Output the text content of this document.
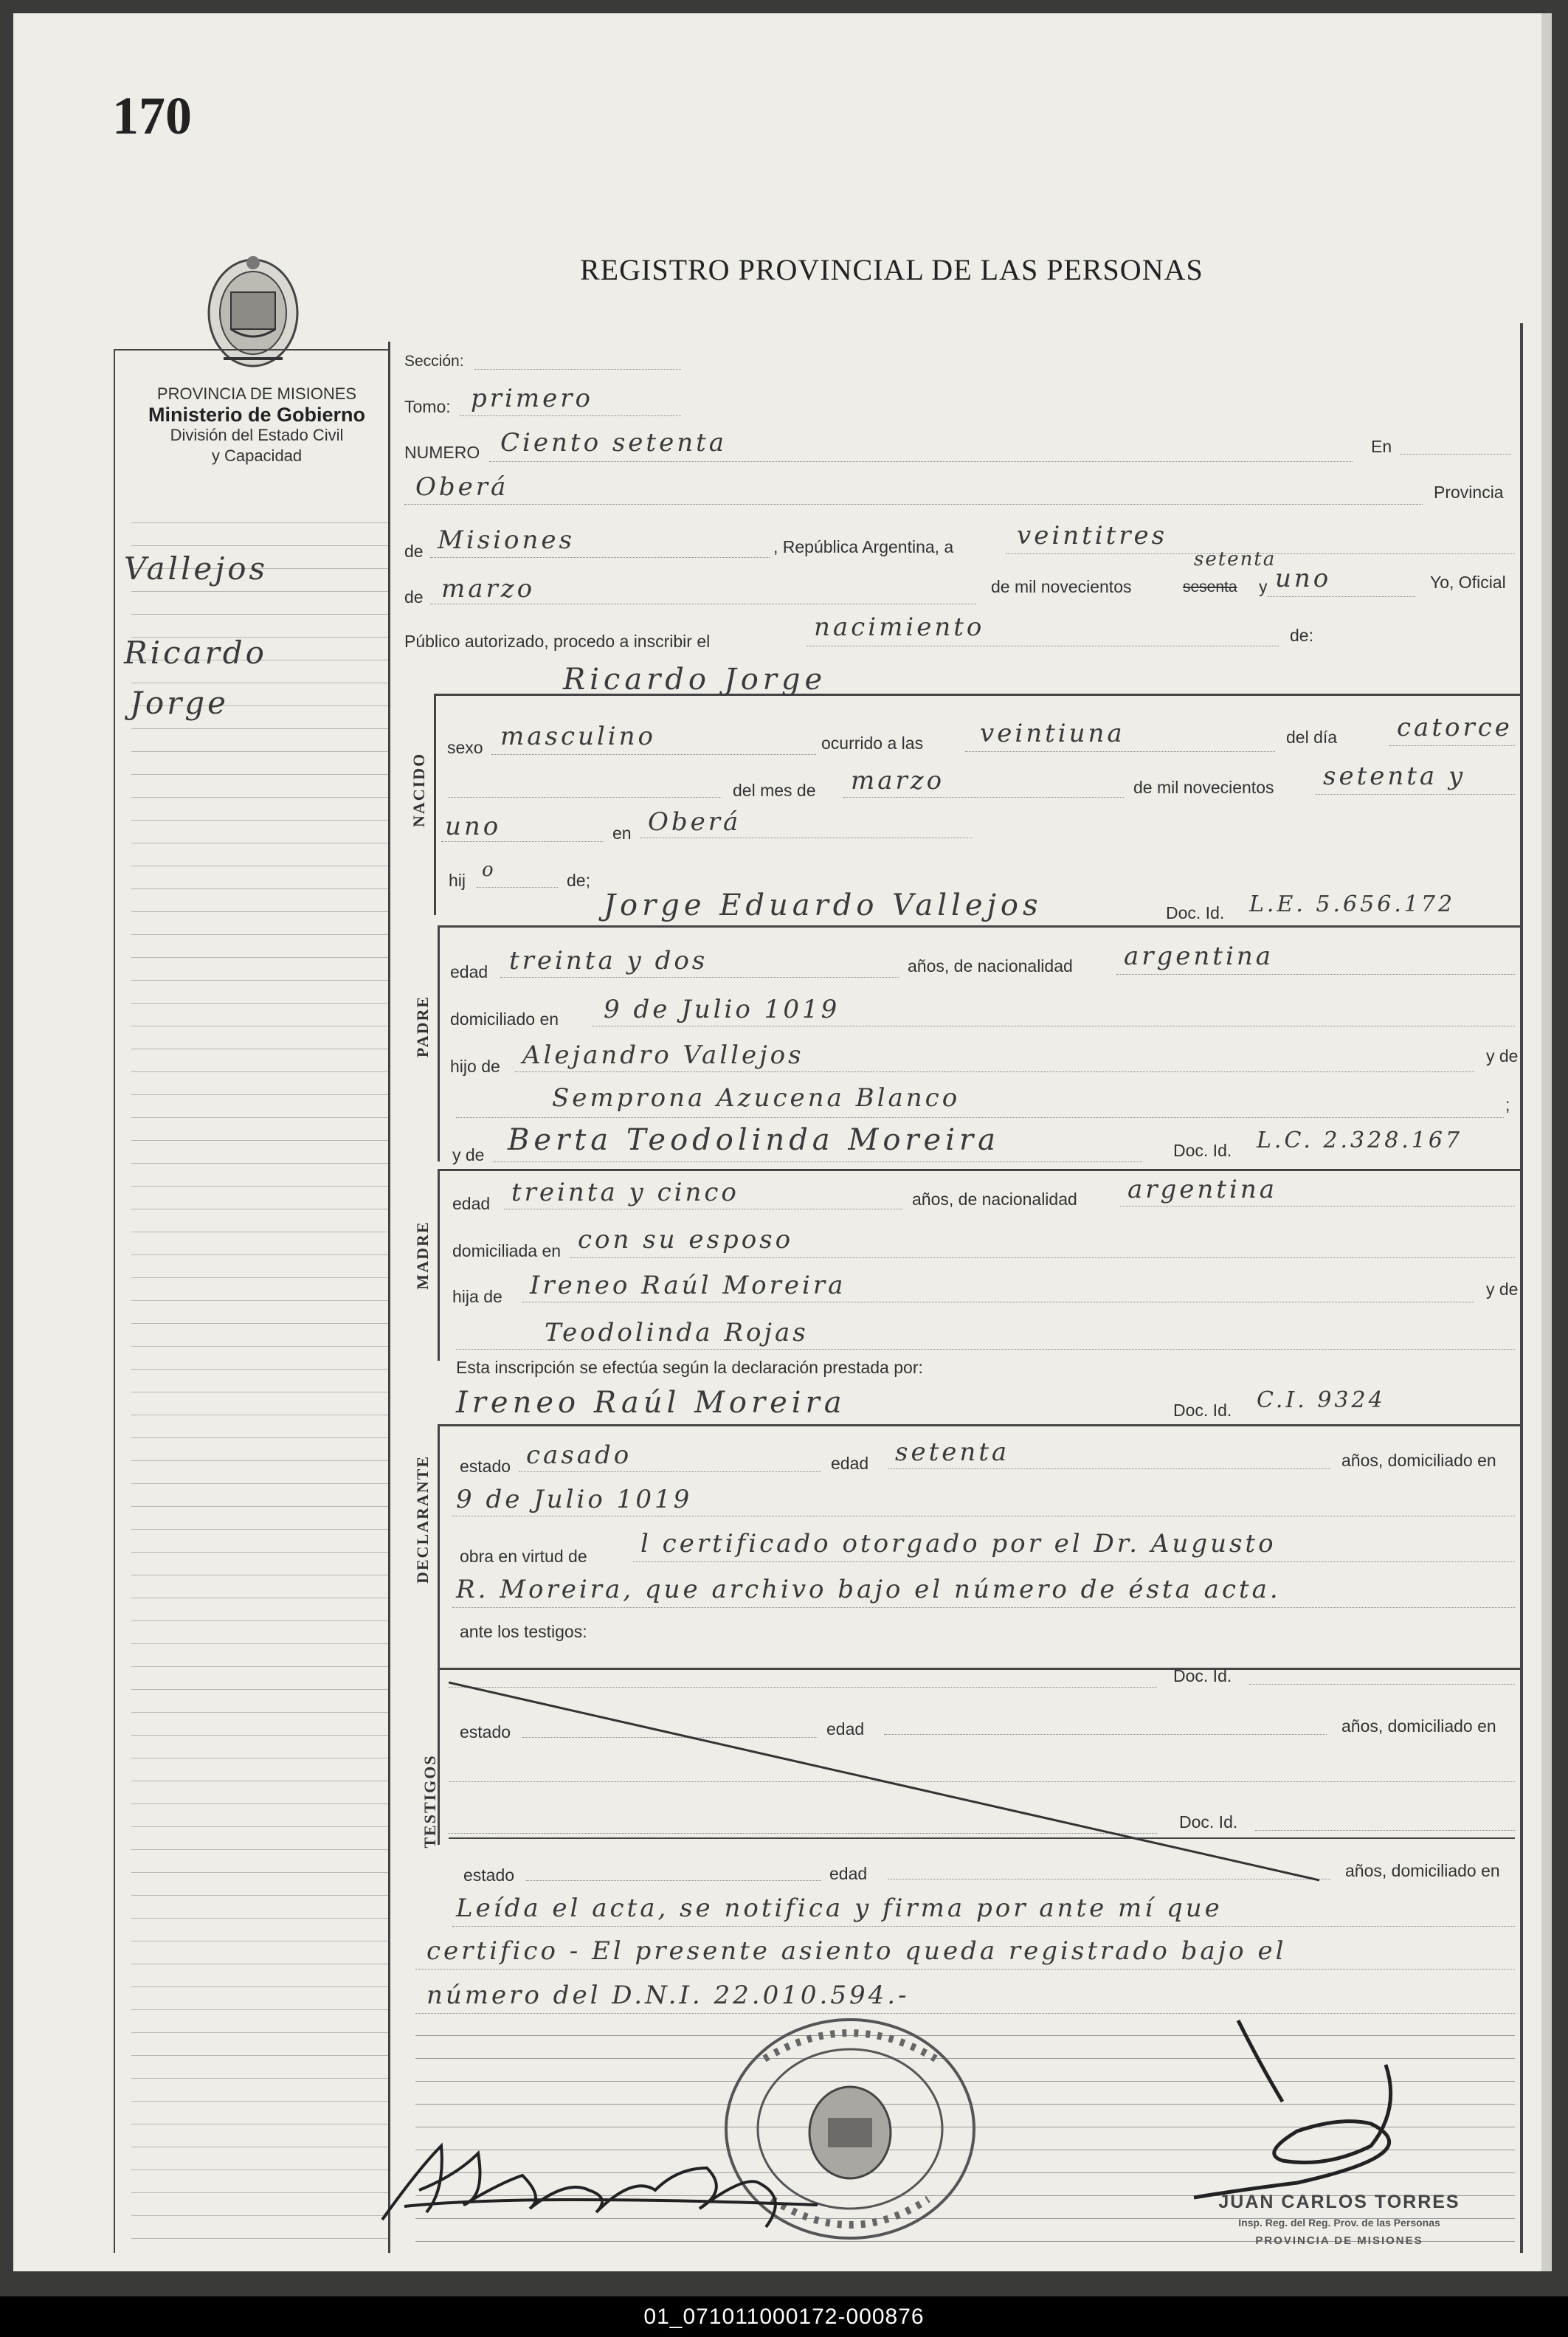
170
REGISTRO PROVINCIAL DE LAS PERSONAS
PROVINCIA DE MISIONES
Ministerio de Gobierno
División del Estado Civil
y Capacidad
Vallejos
Ricardo
Jorge
Sección:
Tomo: primero
NUMERO Ciento setenta	En
Oberá	Provincia
de Misiones	, República Argentina, a	veintitres
de marzo	de mil novecientos	sesenta
setenta
y uno	Yo, Oficial
Público autorizado, procedo a inscribir el	nacimiento	de:
NACIDO
Ricardo Jorge
sexo masculino	ocurrido a las veintiuna	del día catorce
del mes de marzo	de mil novecientos setenta y
uno	en Oberá
hij o	de;
Jorge Eduardo Vallejos	Doc. Id. L.E. 5.656.172
PADRE
edad treinta y dos	años, de nacionalidad argentina
domiciliado en 9 de Julio 1019
hijo de Alejandro Vallejos	y de
Semprona Azucena Blanco	;
y de Berta Teodolinda Moreira	Doc. Id. L.C. 2.328.167
MADRE
edad treinta y cinco	años, de nacionalidad argentina
domiciliada en con su esposo
hija de Ireneo Raúl Moreira	y de
Teodolinda Rojas
Esta inscripción se efectúa según la declaración prestada por:
Ireneo Raúl Moreira	Doc. Id. C.I. 9324
DECLARANTE estado casado	edad setenta	años, domiciliado en
9 de Julio 1019
obra en virtud de l certificado otorgado por el Dr. Augusto
R. Moreira, que archivo bajo el número de ésta acta.
ante los testigos:
TESTIGOS
Doc. Id.
estado	edad	años, domiciliado en
Doc. Id.
estado	edad	años, domiciliado en
Leída el acta, se notifica y firma por ante mí que
certifico - El presente asiento queda registrado bajo el
número del D.N.I. 22.010.594.-
JUAN CARLOS TORRES
Insp. Reg. del Reg. Prov. de las Personas
PROVINCIA DE MISIONES
01_071011000172-000876
